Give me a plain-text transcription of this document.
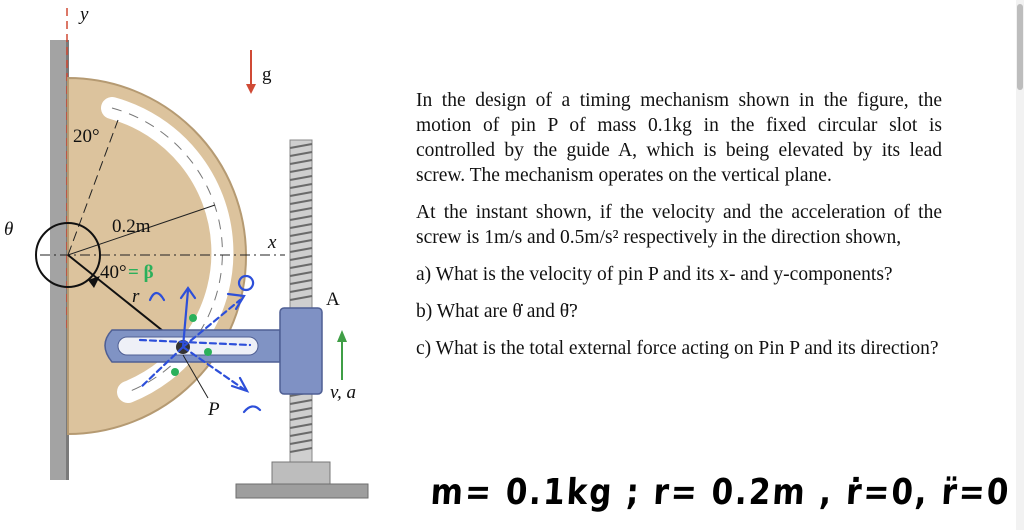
y
g
20°
θ	0.2m
x
40° = β
r⃗	A
v, a
P

In the design of a timing mechanism shown in the figure, the motion of pin P of mass 0.1kg in the fixed circular slot is controlled by the guide A, which is being elevated by its lead screw. The mechanism operates on the vertical plane.

At the instant shown, if the velocity and the acceleration of the screw is 1m/s and 0.5m/s² respectively in the direction shown,

a) What is the velocity of pin P and its x- and y-components?

b) What are θ̇ and θ̈?

c) What is the total external force acting on Pin P and its direction?

m= 0.1kg ; r= 0.2m , ṙ=0, r̈=0
